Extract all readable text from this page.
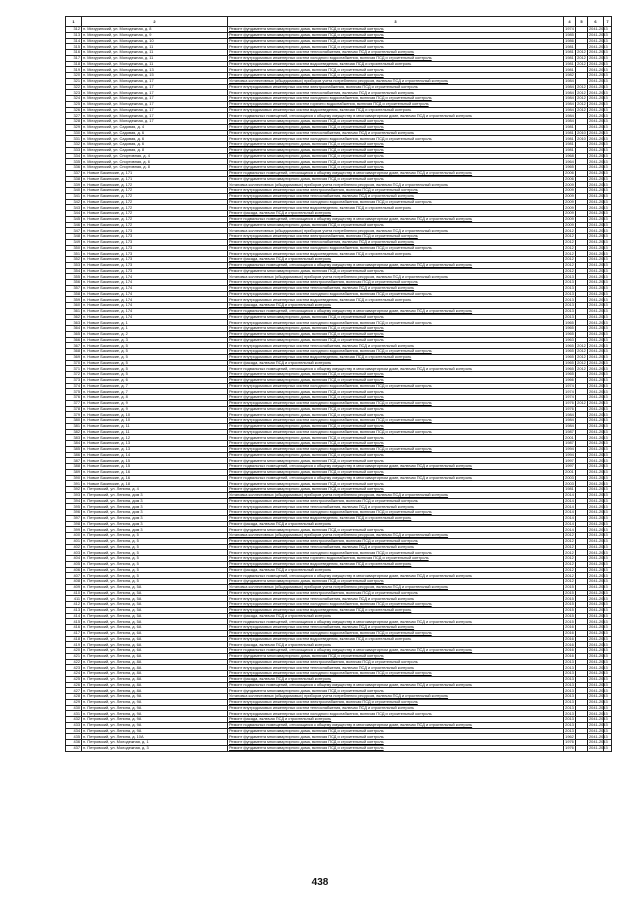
1	2	3	4	5	6	7
312	п. Мичуринский, ул. Молодежная, д. 8	Ремонт фундамента многоквартирного дома, включая ПСД и строительный контроль	1974		2041-2043	
313	п. Мичуринский, ул. Молодежная, д. 9	Ремонт фундамента многоквартирного дома, включая ПСД и строительный контроль	1985		2041-2043	
314	п. Мичуринский, ул. Молодежная, д. 10	Ремонт фундамента многоквартирного дома, включая ПСД и строительный контроль	1986		2041-2043	
315	п. Мичуринский, ул. Молодежная, д. 11	Ремонт фундамента многоквартирного дома, включая ПСД и строительный контроль	1981		2041-2043	
316	п. Мичуринский, ул. Молодежная, д. 11	Ремонт внутридомовых инженерных систем теплоснабжения, включая ПСД и строительный контроль	1981	2012	2041-2043	
317	п. Мичуринский, ул. Молодежная, д. 11	Ремонт внутридомовых инженерных систем холодного водоснабжения, включая ПСД и строительный контроль	1981	2012	2041-2043	
318	п. Мичуринский, ул. Молодежная, д. 11	Ремонт внутридомовых инженерных систем водоотведения, включая ПСД и строительный контроль	1981	2012	2041-2043	
319	п. Мичуринский, ул. Молодежная, д. 13	Ремонт фундамента многоквартирного дома, включая ПСД и строительный контроль	1981		2041-2043	
320	п. Мичуринский, ул. Молодежная, д. 15	Ремонт фундамента многоквартирного дома, включая ПСД и строительный контроль	1982		2041-2043	
321	п. Мичуринский, ул. Молодежная, д. 17	Установка коллективных (общедомовых) приборов учета потребления ресурсов, включая ПСД и строительный контроль	1984		2041-2043	
322	п. Мичуринский, ул. Молодежная, д. 17	Ремонт внутридомовых инженерных систем электроснабжения, включая ПСД и строительный контроль	1984	2012	2041-2043	
323	п. Мичуринский, ул. Молодежная, д. 17	Ремонт внутридомовых инженерных систем теплоснабжения, включая ПСД и строительный контроль	1984	2012	2041-2043	
324	п. Мичуринский, ул. Молодежная, д. 17	Ремонт внутридомовых инженерных систем холодного водоснабжения, включая ПСД и строительный контроль	1984	2012	2041-2043	
325	п. Мичуринский, ул. Молодежная, д. 17	Ремонт внутридомовых инженерных систем горячего водоснабжения, включая ПСД и строительный контроль	1984	2012	2041-2043	
326	п. Мичуринский, ул. Молодежная, д. 17	Ремонт внутридомовых инженерных систем водоотведения, включая ПСД и строительный контроль	1984	2012	2041-2043	
327	п. Мичуринский, ул. Молодежная, д. 17	Ремонт подвальных помещений, относящихся к общему имуществу в многоквартирном доме, включая ПСД и строительный контроль	1984		2041-2043	
328	п. Мичуринский, ул. Молодежная, д. 17	Ремонт фундамента многоквартирного дома, включая ПСД и строительный контроль	1984		2041-2043	
329	п. Мичуринский, ул. Садовая, д. 4	Ремонт фундамента многоквартирного дома, включая ПСД и строительный контроль	1981		2041-2043	
330	п. Мичуринский, ул. Садовая, д. 6	Ремонт внутридомовых инженерных систем теплоснабжения, включая ПСД и строительный контроль	1981	2010	2041-2043	
331	п. Мичуринский, ул. Садовая, д. 6	Ремонт внутридомовых инженерных систем холодного водоснабжения, включая ПСД и строительный контроль	1981	2010	2041-2043	
332	п. Мичуринский, ул. Садовая, д. 6	Ремонт фундамента многоквартирного дома, включая ПСД и строительный контроль	1981		2041-2043	
333	п. Мичуринский, ул. Садовая, д. 8	Ремонт фундамента многоквартирного дома, включая ПСД и строительный контроль	1981		2041-2043	
334	п. Мичуринский, ул. Спортивная, д. 4	Ремонт фундамента многоквартирного дома, включая ПСД и строительный контроль	1968		2041-2043	
335	п. Мичуринский, ул. Спортивная, д. 6	Ремонт фундамента многоквартирного дома, включая ПСД и строительный контроль	1964		2041-2043	
336	п. Мичуринский, ул. Спортивная, д. 8	Ремонт фундамента многоквартирного дома, включая ПСД и строительный контроль	1965		2041-2043	
337	п. Новые Бакинские, д. 171	Ремонт подвальных помещений, относящихся к общему имуществу в многоквартирном доме, включая ПСД и строительный контроль	2006		2041-2043	
338	п. Новые Бакинские, д. 171	Ремонт фундамента многоквартирного дома, включая ПСД и строительный контроль	2006		2041-2043	
339	п. Новые Бакинские, д. 172	Установка коллективных (общедомовых) приборов учета потребления ресурсов, включая ПСД и строительный контроль	2009		2041-2043	
340	п. Новые Бакинские, д. 172	Ремонт внутридомовых инженерных систем электроснабжения, включая ПСД и строительный контроль	2009		2041-2043	
341	п. Новые Бакинские, д. 172	Ремонт внутридомовых инженерных систем теплоснабжения, включая ПСД и строительный контроль	2009		2041-2043	
342	п. Новые Бакинские, д. 172	Ремонт внутридомовых инженерных систем холодного водоснабжения, включая ПСД и строительный контроль	2009		2041-2043	
343	п. Новые Бакинские, д. 172	Ремонт внутридомовых инженерных систем водоотведения, включая ПСД и строительный контроль	2009		2041-2043	
344	п. Новые Бакинские, д. 172	Ремонт фасада, включая ПСД и строительный контроль	2009		2041-2043	
345	п. Новые Бакинские, д. 172	Ремонт подвальных помещений, относящихся к общему имуществу в многоквартирном доме, включая ПСД и строительный контроль	2009		2041-2043	
346	п. Новые Бакинские, д. 172	Ремонт фундамента многоквартирного дома, включая ПСД и строительный контроль	2009		2041-2043	
347	п. Новые Бакинские, д. 173	Установка коллективных (общедомовых) приборов учета потребления ресурсов, включая ПСД и строительный контроль	2012		2041-2043	
348	п. Новые Бакинские, д. 173	Ремонт внутридомовых инженерных систем электроснабжения, включая ПСД и строительный контроль	2012		2041-2043	
349	п. Новые Бакинские, д. 173	Ремонт внутридомовых инженерных систем теплоснабжения, включая ПСД и строительный контроль	2012		2041-2043	
350	п. Новые Бакинские, д. 173	Ремонт внутридомовых инженерных систем холодного водоснабжения, включая ПСД и строительный контроль	2012		2041-2043	
351	п. Новые Бакинские, д. 173	Ремонт внутридомовых инженерных систем водоотведения, включая ПСД и строительный контроль	2012		2041-2043	
352	п. Новые Бакинские, д. 173	Ремонт фасада, включая ПСД и строительный контроль	2012		2041-2043	
353	п. Новые Бакинские, д. 173	Ремонт подвальных помещений, относящихся к общему имуществу в многоквартирном доме, включая ПСД и строительный контроль	2012		2041-2043	
354	п. Новые Бакинские, д. 173	Ремонт фундамента многоквартирного дома, включая ПСД и строительный контроль	2012		2041-2043	
355	п. Новые Бакинские, д. 174	Установка коллективных (общедомовых) приборов учета потребления ресурсов, включая ПСД и строительный контроль	2013		2041-2043	
356	п. Новые Бакинские, д. 174	Ремонт внутридомовых инженерных систем электроснабжения, включая ПСД и строительный контроль	2013		2041-2043	
357	п. Новые Бакинские, д. 174	Ремонт внутридомовых инженерных систем теплоснабжения, включая ПСД и строительный контроль	2013		2041-2043	
358	п. Новые Бакинские, д. 174	Ремонт внутридомовых инженерных систем холодного водоснабжения, включая ПСД и строительный контроль	2013		2041-2043	
359	п. Новые Бакинские, д. 174	Ремонт внутридомовых инженерных систем водоотведения, включая ПСД и строительный контроль	2013		2041-2043	
360	п. Новые Бакинские, д. 174	Ремонт фасада, включая ПСД и строительный контроль	2013		2041-2043	
361	п. Новые Бакинские, д. 174	Ремонт подвальных помещений, относящихся к общему имуществу в многоквартирном доме, включая ПСД и строительный контроль	2013		2041-2043	
362	п. Новые Бакинские, д. 174	Ремонт фундамента многоквартирного дома, включая ПСД и строительный контроль	2013		2041-2043	
363	п. Новые Бакинские, д. 1	Ремонт внутридомовых инженерных систем холодного водоснабжения, включая ПСД и строительный контроль	1965		2041-2043	
364	п. Новые Бакинские, д. 1	Ремонт фундамента многоквартирного дома, включая ПСД и строительный контроль	1965		2041-2043	
365	п. Новые Бакинские, д. 2	Ремонт фундамента многоквартирного дома, включая ПСД и строительный контроль	1965		2041-2043	
366	п. Новые Бакинские, д. 3	Ремонт фундамента многоквартирного дома, включая ПСД и строительный контроль	1963		2041-2043	
367	п. Новые Бакинские, д. 5	Ремонт внутридомовых инженерных систем теплоснабжения, включая ПСД и строительный контроль	1965	2012	2041-2043	
368	п. Новые Бакинские, д. 5	Ремонт внутридомовых инженерных систем холодного водоснабжения, включая ПСД и строительный контроль	1965	2012	2041-2043	
369	п. Новые Бакинские, д. 5	Ремонт внутридомовых инженерных систем водоотведения, включая ПСД и строительный контроль	1965	2012	2041-2043	
370	п. Новые Бакинские, д. 5	Ремонт фасада, включая ПСД и строительный контроль	1965	2012	2041-2043	
371	п. Новые Бакинские, д. 5	Ремонт подвальных помещений, относящихся к общему имуществу в многоквартирном доме, включая ПСД и строительный контроль	1965	2012	2041-2043	
372	п. Новые Бакинские, д. 5	Ремонт фундамента многоквартирного дома, включая ПСД и строительный контроль	1965		2041-2043	
373	п. Новые Бакинские, д. 6	Ремонт фундамента многоквартирного дома, включая ПСД и строительный контроль	1966		2041-2043	
374	п. Новые Бакинские, д. 7	Ремонт внутридомовых инженерных систем холодного водоснабжения, включая ПСД и строительный контроль	1974		2041-2043	
375	п. Новые Бакинские, д. 7	Ремонт фундамента многоквартирного дома, включая ПСД и строительный контроль	1974		2041-2043	
376	п. Новые Бакинские, д. 8	Ремонт фундамента многоквартирного дома, включая ПСД и строительный контроль	1974		2041-2043	
377	п. Новые Бакинские, д. 9	Ремонт внутридомовых инженерных систем холодного водоснабжения, включая ПСД и строительный контроль	1976	2012	2041-2043	
378	п. Новые Бакинские, д. 9	Ремонт фундамента многоквартирного дома, включая ПСД и строительный контроль	1976		2041-2043	
379	п. Новые Бакинские, д. 10	Ремонт фундамента многоквартирного дома, включая ПСД и строительный контроль	1984		2041-2043	
380	п. Новые Бакинские, д. 10	Ремонт внутридомовых инженерных систем холодного водоснабжения, включая ПСД и строительный контроль	1984		2041-2043	
381	п. Новые Бакинские, д. 11	Ремонт фундамента многоквартирного дома, включая ПСД и строительный контроль	1984		2041-2043	
382	п. Новые Бакинские, д. 11	Ремонт внутридомовых инженерных систем холодного водоснабжения, включая ПСД и строительный контроль	1987		2041-2043	
383	п. Новые Бакинские, д. 12	Ремонт фундамента многоквартирного дома, включая ПСД и строительный контроль	2001		2041-2043	
384	п. Новые Бакинские, д. 13	Ремонт фундамента многоквартирного дома, включая ПСД и строительный контроль	1987		2041-2043	
385	п. Новые Бакинские, д. 13	Ремонт внутридомовых инженерных систем холодного водоснабжения, включая ПСД и строительный контроль	1994		2041-2043	
386	п. Новые Бакинские, д. 14	Ремонт фундамента многоквартирного дома, включая ПСД и строительный контроль	1994		2041-2043	
387	п. Новые Бакинские, д. 15	Ремонт фундамента многоквартирного дома, включая ПСД и строительный контроль	1997		2041-2043	
388	п. Новые Бакинские, д. 15	Ремонт подвальных помещений, относящихся к общему имуществу в многоквартирном доме, включая ПСД и строительный контроль	1997		2041-2043	
389	п. Новые Бакинские, д. 16	Ремонт фундамента многоквартирного дома, включая ПСД и строительный контроль	2001		2041-2043	
390	п. Новые Бакинские, д. 16	Ремонт подвальных помещений, относящихся к общему имуществу в многоквартирном доме, включая ПСД и строительный контроль	2003		2041-2043	
391	п. Новые Бакинские, д. 18	Ремонт фундамента многоквартирного дома, включая ПСД и строительный контроль	2003		2041-2043	
392	п. Петровский, ул. Ленина, д. 4	Ремонт фундамента многоквартирного дома, включая ПСД и строительный контроль	1981		2041-2043	
393	п. Петровский, ул. Ленина, дом 3	Установка коллективных (общедомовых) приборов учета потребления ресурсов, включая ПСД и строительный контроль	2014		2041-2043	
394	п. Петровский, ул. Ленина, дом 3	Ремонт внутридомовых инженерных систем электроснабжения, включая ПСД и строительный контроль	2014		2041-2043	
395	п. Петровский, ул. Ленина, дом 3	Ремонт внутридомовых инженерных систем теплоснабжения, включая ПСД и строительный контроль	2014		2041-2043	
396	п. Петровский, ул. Ленина, дом 3	Ремонт внутридомовых инженерных систем холодного водоснабжения, включая ПСД и строительный контроль	2014		2041-2043	
397	п. Петровский, ул. Ленина, дом 3	Ремонт внутридомовых инженерных систем водоотведения, включая ПСД и строительный контроль	2014		2041-2043	
398	п. Петровский, ул. Ленина, дом 3	Ремонт фасада, включая ПСД и строительный контроль	2014		2041-2043	
399	п. Петровский, ул. Ленина, дом 3	Ремонт фундамента многоквартирного дома, включая ПСД и строительный контроль	2014		2041-2043	
400	п. Петровский, ул. Ленина, д. 5	Установка коллективных (общедомовых) приборов учета потребления ресурсов, включая ПСД и строительный контроль	2012		2041-2043	
401	п. Петровский, ул. Ленина, д. 5	Ремонт внутридомовых инженерных систем электроснабжения, включая ПСД и строительный контроль	2012		2041-2043	
402	п. Петровский, ул. Ленина, д. 5	Ремонт внутридомовых инженерных систем теплоснабжения, включая ПСД и строительный контроль	2012		2041-2043	
403	п. Петровский, ул. Ленина, д. 5	Ремонт внутридомовых инженерных систем холодного водоснабжения, включая ПСД и строительный контроль	2012		2041-2043	
404	п. Петровский, ул. Ленина, д. 5	Ремонт внутридомовых инженерных систем горячего водоснабжения, включая ПСД и строительный контроль	2012		2041-2043	
405	п. Петровский, ул. Ленина, д. 5	Ремонт внутридомовых инженерных систем водоотведения, включая ПСД и строительный контроль	2012		2041-2043	
406	п. Петровский, ул. Ленина, д. 5	Ремонт фасада, включая ПСД и строительный контроль	2012		2041-2043	
407	п. Петровский, ул. Ленина, д. 5	Ремонт подвальных помещений, относящихся к общему имуществу в многоквартирном доме, включая ПСД и строительный контроль	2012		2041-2043	
408	п. Петровский, ул. Ленина, д. 5	Ремонт фундамента многоквартирного дома, включая ПСД и строительный контроль	2012		2041-2043	
409	п. Петровский, ул. Ленина, д. 5А	Установка коллективных (общедомовых) приборов учета потребления ресурсов, включая ПСД и строительный контроль	2015		2041-2043	
410	п. Петровский, ул. Ленина, д. 5А	Ремонт внутридомовых инженерных систем электроснабжения, включая ПСД и строительный контроль	2015		2041-2043	
411	п. Петровский, ул. Ленина, д. 5А	Ремонт внутридомовых инженерных систем теплоснабжения, включая ПСД и строительный контроль	2015		2041-2043	
412	п. Петровский, ул. Ленина, д. 5А	Ремонт внутридомовых инженерных систем холодного водоснабжения, включая ПСД и строительный контроль	2015		2041-2043	
413	п. Петровский, ул. Ленина, д. 5А	Ремонт внутридомовых инженерных систем водоотведения, включая ПСД и строительный контроль	2015		2041-2043	
414	п. Петровский, ул. Ленина, д. 5А	Ремонт фасада, включая ПСД и строительный контроль	2015		2041-2043	
415	п. Петровский, ул. Ленина, д. 5А	Ремонт подвальных помещений, относящихся к общему имуществу в многоквартирном доме, включая ПСД и строительный контроль	2015		2041-2043	
416	п. Петровский, ул. Ленина, д. 6А	Ремонт внутридомовых инженерных систем теплоснабжения, включая ПСД и строительный контроль	2016		2041-2043	
417	п. Петровский, ул. Ленина, д. 6А	Ремонт внутридомовых инженерных систем холодного водоснабжения, включая ПСД и строительный контроль	2016		2041-2043	
418	п. Петровский, ул. Ленина, д. 6А	Ремонт внутридомовых инженерных систем водоотведения, включая ПСД и строительный контроль	2016		2041-2043	
419	п. Петровский, ул. Ленина, д. 6А	Ремонт фасада, включая ПСД и строительный контроль	2016		2041-2043	
420	п. Петровский, ул. Ленина, д. 6А	Ремонт подвальных помещений, относящихся к общему имуществу в многоквартирном доме, включая ПСД и строительный контроль	2016		2041-2043	
421	п. Петровский, ул. Ленина, д. 6А	Ремонт фундамента многоквартирного дома, включая ПСД и строительный контроль	2016		2041-2043	
422	п. Петровский, ул. Ленина, д. 8А	Ремонт внутридомовых инженерных систем электроснабжения, включая ПСД и строительный контроль	2013		2041-2043	
423	п. Петровский, ул. Ленина, д. 8А	Ремонт внутридомовых инженерных систем теплоснабжения, включая ПСД и строительный контроль	2013		2041-2043	
424	п. Петровский, ул. Ленина, д. 8А	Ремонт внутридомовых инженерных систем холодного водоснабжения, включая ПСД и строительный контроль	2013		2041-2043	
425	п. Петровский, ул. Ленина, д. 8А	Ремонт фасада, включая ПСД и строительный контроль	2013		2041-2043	
426	п. Петровский, ул. Ленина, д. 8А	Ремонт подвальных помещений, относящихся к общему имуществу в многоквартирном доме, включая ПСД и строительный контроль	2013		2041-2043	
427	п. Петровский, ул. Ленина, д. 8А	Ремонт фундамента многоквартирного дома, включая ПСД и строительный контроль	2013		2041-2043	
428	п. Петровский, ул. Ленина, д. 9А	Установка коллективных (общедомовых) приборов учета потребления ресурсов, включая ПСД и строительный контроль	2013		2041-2043	
429	п. Петровский, ул. Ленина, д. 9А	Ремонт внутридомовых инженерных систем электроснабжения, включая ПСД и строительный контроль	2013		2041-2043	
430	п. Петровский, ул. Ленина, д. 9А	Ремонт внутридомовых инженерных систем теплоснабжения, включая ПСД и строительный контроль	2013		2041-2043	
431	п. Петровский, ул. Ленина, д. 9А	Ремонт внутридомовых инженерных систем холодного водоснабжения, включая ПСД и строительный контроль	2013		2041-2043	
432	п. Петровский, ул. Ленина, д. 9А	Ремонт фасада, включая ПСД и строительный контроль	2013		2041-2043	
433	п. Петровский, ул. Ленина, д. 9А	Ремонт подвальных помещений, относящихся к общему имуществу в многоквартирном доме, включая ПСД и строительный контроль	2013		2041-2043	
434	п. Петровский, ул. Ленина, д. 9А	Ремонт фундамента многоквартирного дома, включая ПСД и строительный контроль	2013		2041-2043	
435	п. Петровский, ул. Ленина, д. 10А	Ремонт фундамента многоквартирного дома, включая ПСД и строительный контроль	1962		2041-2043	
436	п. Петровский, ул. Молодежная, д. 1	Ремонт фундамента многоквартирного дома, включая ПСД и строительный контроль	1976		2041-2043	
437	п. Петровский, ул. Молодежная, д. 3	Ремонт фундамента многоквартирного дома, включая ПСД и строительный контроль	1976		2041-2043	
438
